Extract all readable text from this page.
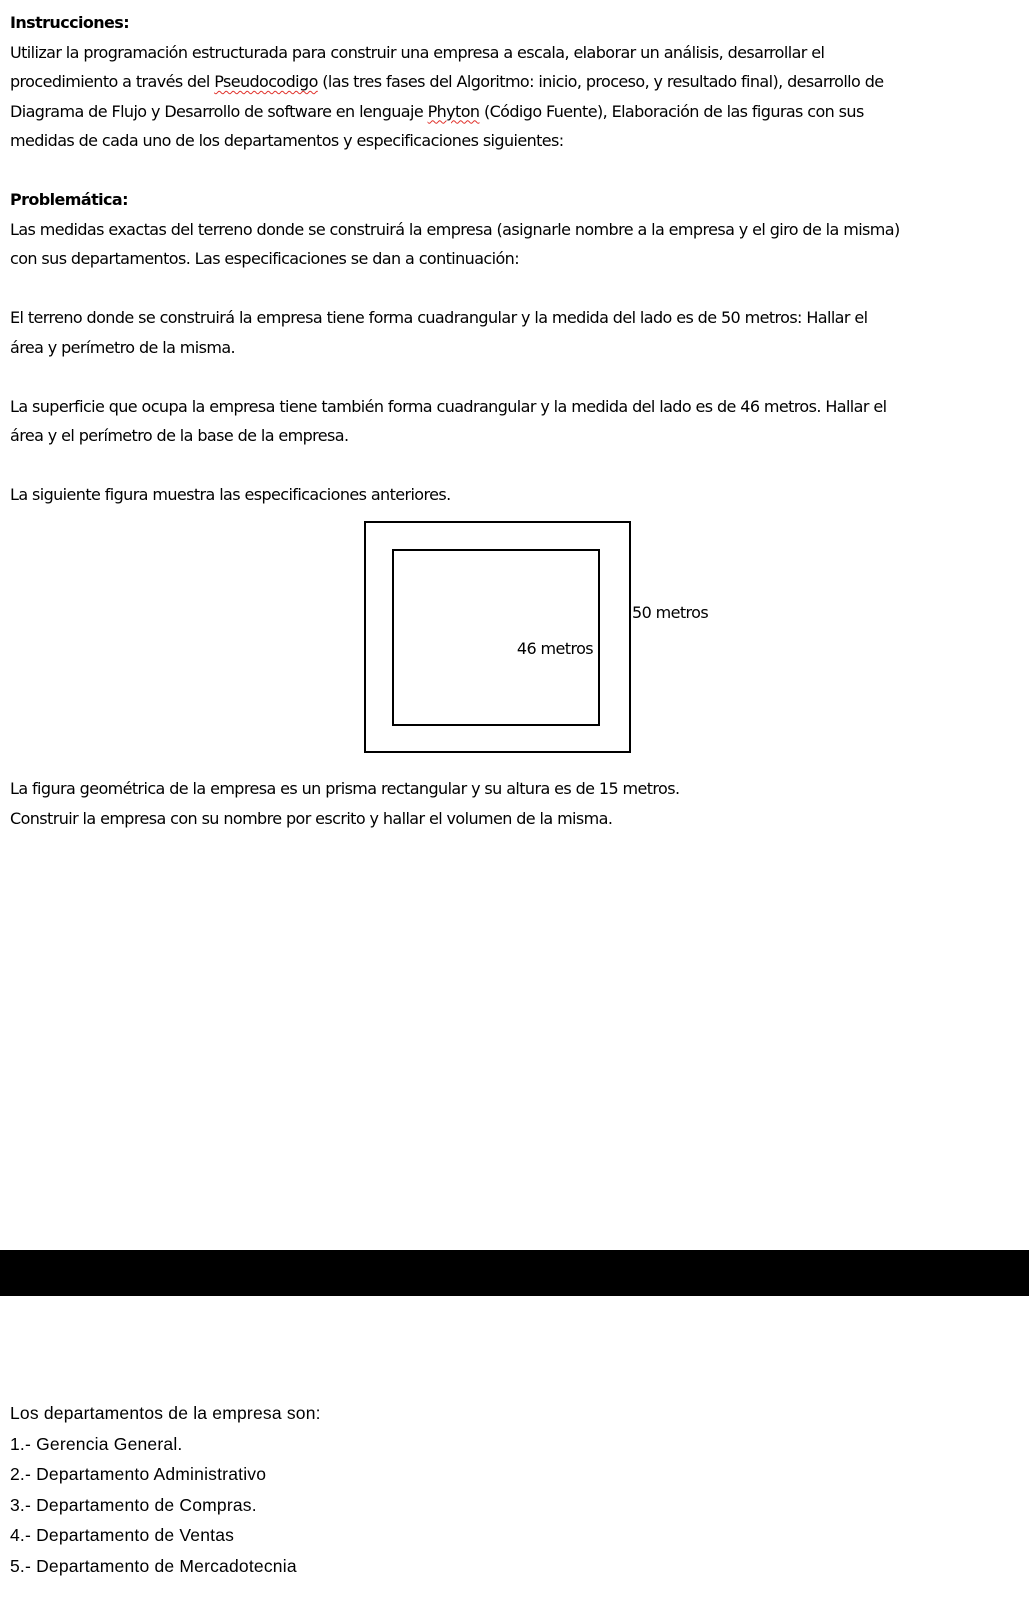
Instrucciones:
Utilizar la programación estructurada para construir una empresa a escala, elaborar un análisis, desarrollar el
procedimiento a través del Pseudocodigo (las tres fases del Algoritmo: inicio, proceso, y resultado final), desarrollo de
Diagrama de Flujo y Desarrollo de software en lenguaje Phyton (Código Fuente), Elaboración de las figuras con sus
medidas de cada uno de los departamentos y especificaciones siguientes:
Problemática:
Las medidas exactas del terreno donde se construirá la empresa (asignarle nombre a la empresa y el giro de la misma)
con sus departamentos. Las especificaciones se dan a continuación:
El terreno donde se construirá la empresa tiene forma cuadrangular y la medida del lado es de 50 metros: Hallar el
área y perímetro de la misma.
La superficie que ocupa la empresa tiene también forma cuadrangular y la medida del lado es de 46 metros. Hallar el
área y el perímetro de la base de la empresa.
La siguiente figura muestra las especificaciones anteriores.
50 metros
46 metros
La figura geométrica de la empresa es un prisma rectangular y su altura es de 15 metros.
Construir la empresa con su nombre por escrito y hallar el volumen de la misma.
Los departamentos de la empresa son:
1.- Gerencia General.
2.- Departamento Administrativo
3.- Departamento de Compras.
4.- Departamento de Ventas
5.- Departamento de Mercadotecnia
